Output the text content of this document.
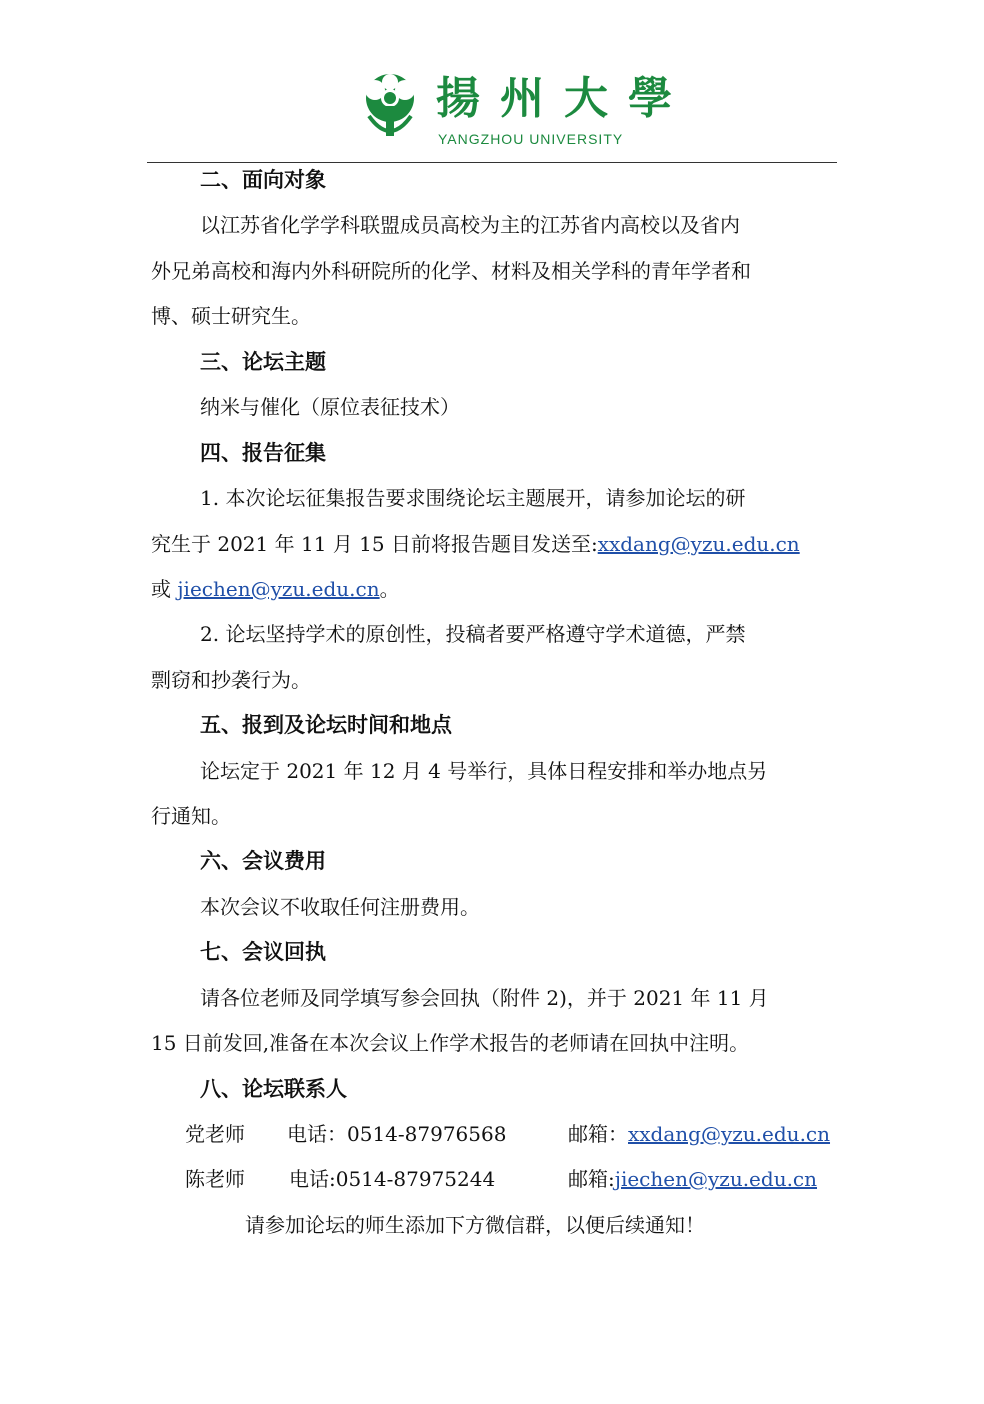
揚州大學
YANGZHOU UNIVERSITY
二、面向对象
以江苏省化学学科联盟成员高校为主的江苏省内高校以及省内
外兄弟高校和海内外科研院所的化学、材料及相关学科的青年学者和
博、硕士研究生。
三、论坛主题
纳米与催化（原位表征技术）
四、报告征集
1. 本次论坛征集报告要求围绕论坛主题展开，请参加论坛的研
究生于 2021 年 11 月 15 日前将报告题目发送至:xxdang@yzu.edu.cn
或 jiechen@yzu.edu.cn。
2. 论坛坚持学术的原创性，投稿者要严格遵守学术道德，严禁
剽窃和抄袭行为。
五、报到及论坛时间和地点
论坛定于 2021 年 12 月 4 号举行，具体日程安排和举办地点另
行通知。
六、会议费用
本次会议不收取任何注册费用。
七、会议回执
请各位老师及同学填写参会回执（附件 2)，并于 2021 年 11 月
15 日前发回,准备在本次会议上作学术报告的老师请在回执中注明。
八、论坛联系人
党老师 电话：0514-87976568	邮箱：xxdang@yzu.edu.cn
陈老师 电话:0514-87975244	邮箱:jiechen@yzu.edu.cn
请参加论坛的师生添加下方微信群，以便后续通知！
